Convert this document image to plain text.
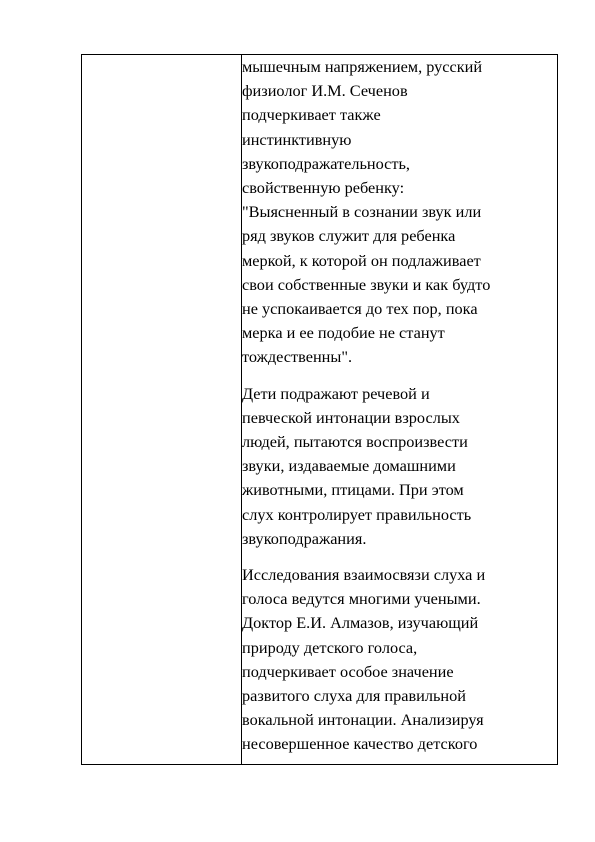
мышечным напряжением, русский
физиолог И.М. Сеченов
подчеркивает также
инстинктивную
звукоподражательность,
свойственную ребенку:
"Выясненный в сознании звук или
ряд звуков служит для ребенка
меркой, к которой он подлаживает
свои собственные звуки и как будто
не успокаивается до тех пор, пока
мерка и ее подобие не станут
тождественны".

Дети подражают речевой и
певческой интонации взрослых
людей, пытаются воспроизвести
звуки, издаваемые домашними
животными, птицами. При этом
слух контролирует правильность
звукоподражания.

Исследования взаимосвязи слуха и
голоса ведутся многими учеными.
Доктор Е.И. Алмазов, изучающий
природу детского голоса,
подчеркивает особое значение
развитого слуха для правильной
вокальной интонации. Анализируя
несовершенное качество детского
